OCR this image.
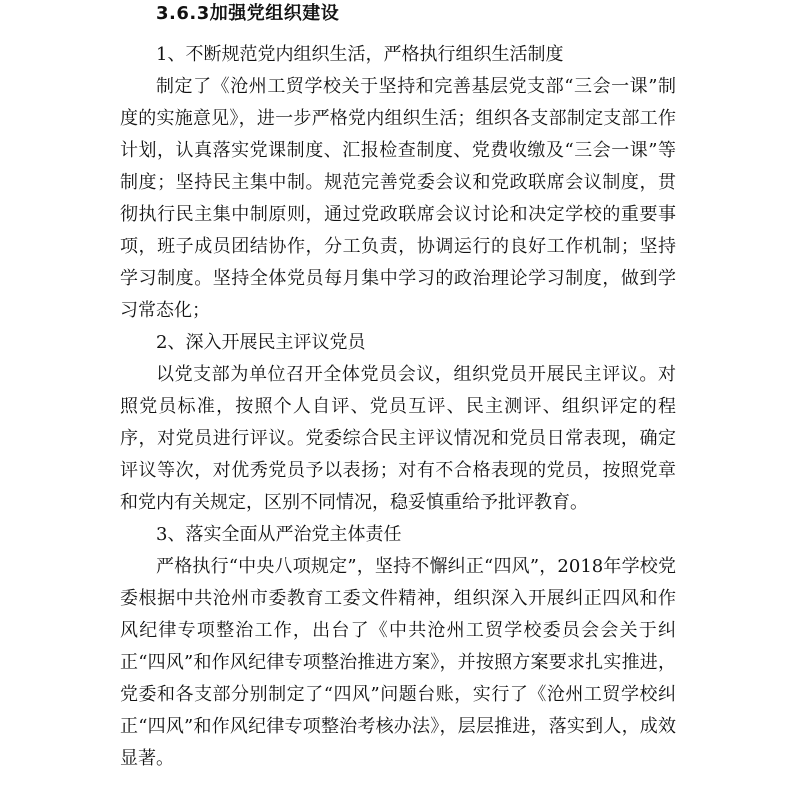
3.6.3加强党组织建设

1、不断规范党内组织生活，严格执行组织生活制度

制定了《沧州工贸学校关于坚持和完善基层党支部“三会一课”制度的实施意见》，进一步严格党内组织生活；组织各支部制定支部工作计划，认真落实党课制度、汇报检查制度、党费收缴及“三会一课”等制度；坚持民主集中制。规范完善党委会议和党政联席会议制度，贯彻执行民主集中制原则，通过党政联席会议讨论和决定学校的重要事项，班子成员团结协作，分工负责，协调运行的良好工作机制；坚持学习制度。坚持全体党员每月集中学习的政治理论学习制度，做到学习常态化；

2、深入开展民主评议党员

以党支部为单位召开全体党员会议，组织党员开展民主评议。对照党员标准，按照个人自评、党员互评、民主测评、组织评定的程序，对党员进行评议。党委综合民主评议情况和党员日常表现，确定评议等次，对优秀党员予以表扬；对有不合格表现的党员，按照党章和党内有关规定，区别不同情况，稳妥慎重给予批评教育。

3、落实全面从严治党主体责任

严格执行“中央八项规定”，坚持不懈纠正“四风”，2018年学校党委根据中共沧州市委教育工委文件精神，组织深入开展纠正四风和作风纪律专项整治工作，出台了《中共沧州工贸学校委员会会关于纠正“四风”和作风纪律专项整治推进方案》，并按照方案要求扎实推进，党委和各支部分别制定了“四风”问题台账，实行了《沧州工贸学校纠正“四风”和作风纪律专项整治考核办法》，层层推进，落实到人，成效显著。
